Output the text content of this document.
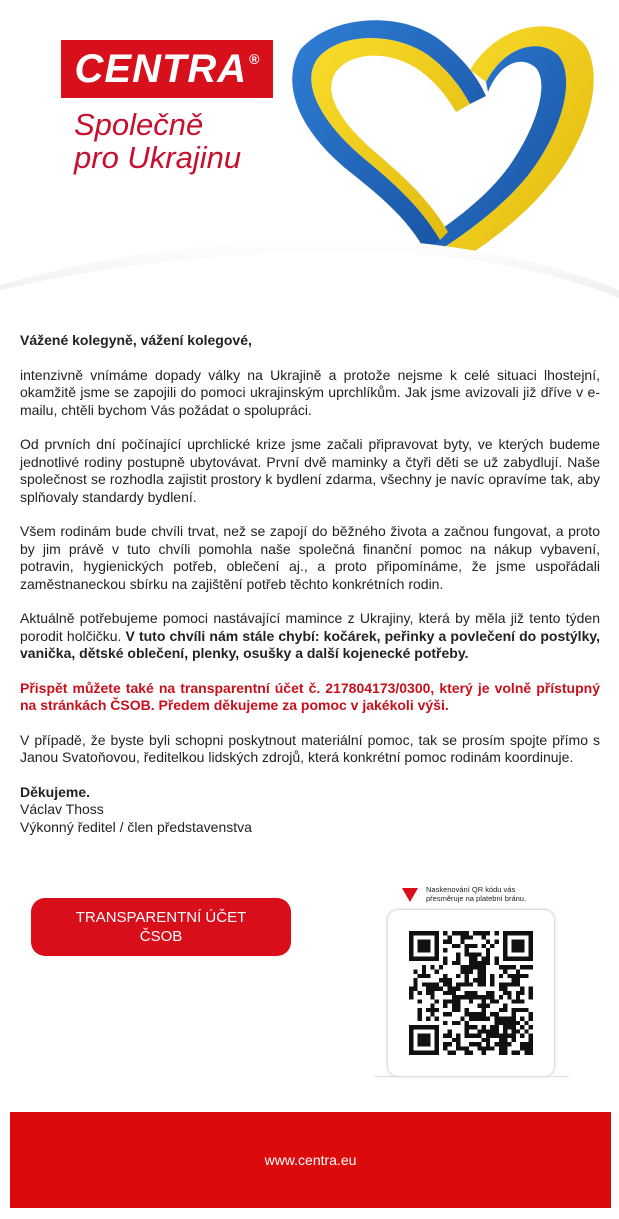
CENTRA ®
Společně
pro Ukrajinu

Vážené kolegyně, vážení kolegové,

intenzivně vnímáme dopady války na Ukrajině a protože nejsme k celé situaci lhostejní, okamžitě jsme se zapojili do pomoci ukrajinským uprchlíkům. Jak jsme avizovali již dříve v e-mailu, chtěli bychom Vás požádat o spolupráci.

Od prvních dní počínající uprchlické krize jsme začali připravovat byty, ve kterých budeme jednotlivé rodiny postupně ubytovávat. První dvě maminky a čtyři děti se už zabydlují. Naše společnost se rozhodla zajistit prostory k bydlení zdarma, všechny je navíc opravíme tak, aby splňovaly standardy bydlení.

Všem rodinám bude chvíli trvat, než se zapojí do běžného života a začnou fungovat, a proto by jim právě v tuto chvíli pomohla naše společná finanční pomoc na nákup vybavení, potravin, hygienických potřeb, oblečení aj., a proto připomínáme, že jsme uspořádali zaměstnaneckou sbírku na zajištění potřeb těchto konkrétních rodin.

Aktuálně potřebujeme pomoci nastávající mamince z Ukrajiny, která by měla již tento týden porodit holčičku. V tuto chvíli nám stále chybí: kočárek, peřinky a povlečení do postýlky, vanička, dětské oblečení, plenky, osušky a další kojenecké potřeby.

Přispět můžete také na transparentní účet č. 217804173/0300, který je volně přístupný na stránkách ČSOB. Předem děkujeme za pomoc v jakékoli výši.

V případě, že byste byli schopni poskytnout materiální pomoc, tak se prosím spojte přímo s Janou Svatoňovou, ředitelkou lidských zdrojů, která konkrétní pomoc rodinám koordinuje.

Děkujeme.

Václav Thoss

Výkonný ředitel / člen představenstva

TRANSPARENTNÍ ÚČET
ČSOB
Naskenování QR kódu vás
přesměruje na platební bránu.
www.centra.eu
